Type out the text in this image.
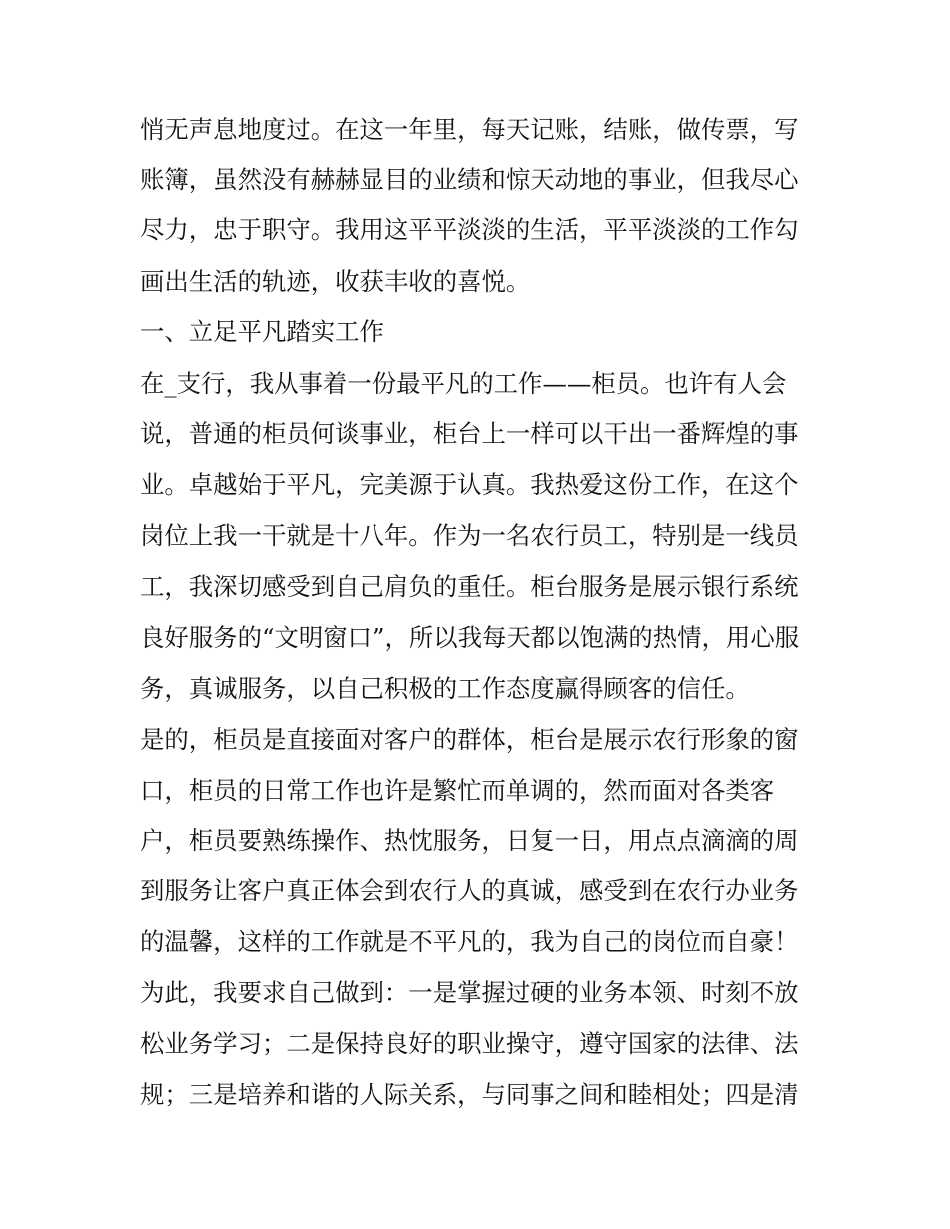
悄无声息地度过。在这一年里，每天记账，结账，做传票，写
账簿，虽然没有赫赫显目的业绩和惊天动地的事业，但我尽心
尽力，忠于职守。我用这平平淡淡的生活，平平淡淡的工作勾
画出生活的轨迹，收获丰收的喜悦。
一、立足平凡踏实工作
在_支行，我从事着一份最平凡的工作——柜员。也许有人会
说，普通的柜员何谈事业，柜台上一样可以干出一番辉煌的事
业。卓越始于平凡，完美源于认真。我热爱这份工作，在这个
岗位上我一干就是十八年。作为一名农行员工，特别是一线员
工，我深切感受到自己肩负的重任。柜台服务是展示银行系统
良好服务的“文明窗口”，所以我每天都以饱满的热情，用心服
务，真诚服务，以自己积极的工作态度赢得顾客的信任。
是的，柜员是直接面对客户的群体，柜台是展示农行形象的窗
口，柜员的日常工作也许是繁忙而单调的，然而面对各类客
户，柜员要熟练操作、热忱服务，日复一日，用点点滴滴的周
到服务让客户真正体会到农行人的真诚，感受到在农行办业务
的温馨，这样的工作就是不平凡的，我为自己的岗位而自豪！
为此，我要求自己做到：一是掌握过硬的业务本领、时刻不放
松业务学习；二是保持良好的职业操守，遵守国家的法律、法
规；三是培养和谐的人际关系，与同事之间和睦相处；四是清
